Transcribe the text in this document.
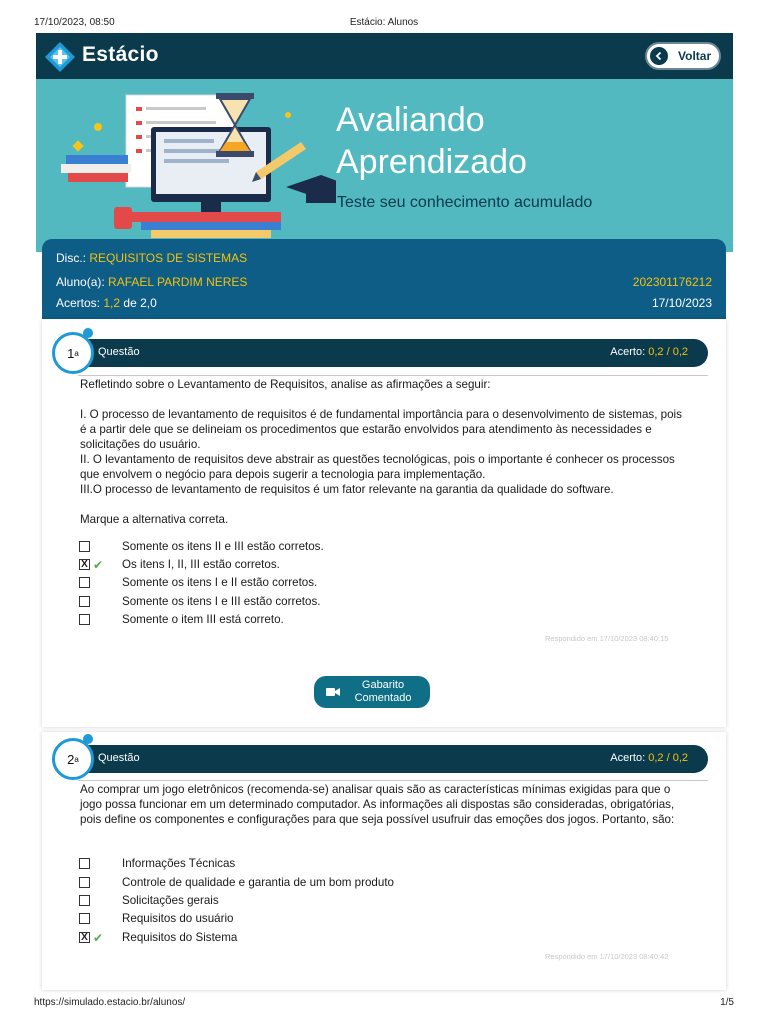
17/10/2023, 08:50	Estácio: Alunos
Estácio	Voltar
Avaliando
Aprendizado
Teste seu conhecimento acumulado
Disc.: REQUISITOS DE SISTEMAS
Aluno(a): RAFAEL PARDIM NERES	202301176212
Acertos: 1,2 de 2,0	17/10/2023
Questão	Acerto: 0,2 / 0,2
1 a

Refletindo sobre o Levantamento de Requisitos, analise as afirmações a seguir:

I. O processo de levantamento de requisitos é de fundamental importância para o desenvolvimento de sistemas, pois é a partir dele que se delineiam os procedimentos que estarão envolvidos para atendimento às necessidades e solicitações do usuário.

II. O levantamento de requisitos deve abstrair as questões tecnológicas, pois o importante é conhecer os processos que envolvem o negócio para depois sugerir a tecnologia para implementação.

III.O processo de levantamento de requisitos é um fator relevante na garantia da qualidade do software.

Marque a alternativa correta.

Somente os itens II e III estão corretos.
X ✔ Os itens I, II, III estão corretos.
Somente os itens I e II estão corretos.
Somente os itens I e III estão corretos.
Somente o item III está correto.
Respondido em 17/10/2023 08:40:15
Gabarito Comentado
Questão	Acerto: 0,2 / 0,2
2 a

Ao comprar um jogo eletrônicos (recomenda-se) analisar quais são as características mínimas exigidas para que o jogo possa funcionar em um determinado computador. As informações ali dispostas são consideradas, obrigatórias, pois define os componentes e configurações para que seja possível usufruir das emoções dos jogos. Portanto, são:

Informações Técnicas
Controle de qualidade e garantia de um bom produto
Solicitações gerais
Requisitos do usuário
X ✔ Requisitos do Sistema
Respondido em 17/10/2023 08:40:42
https://simulado.estacio.br/alunos/	1/5
